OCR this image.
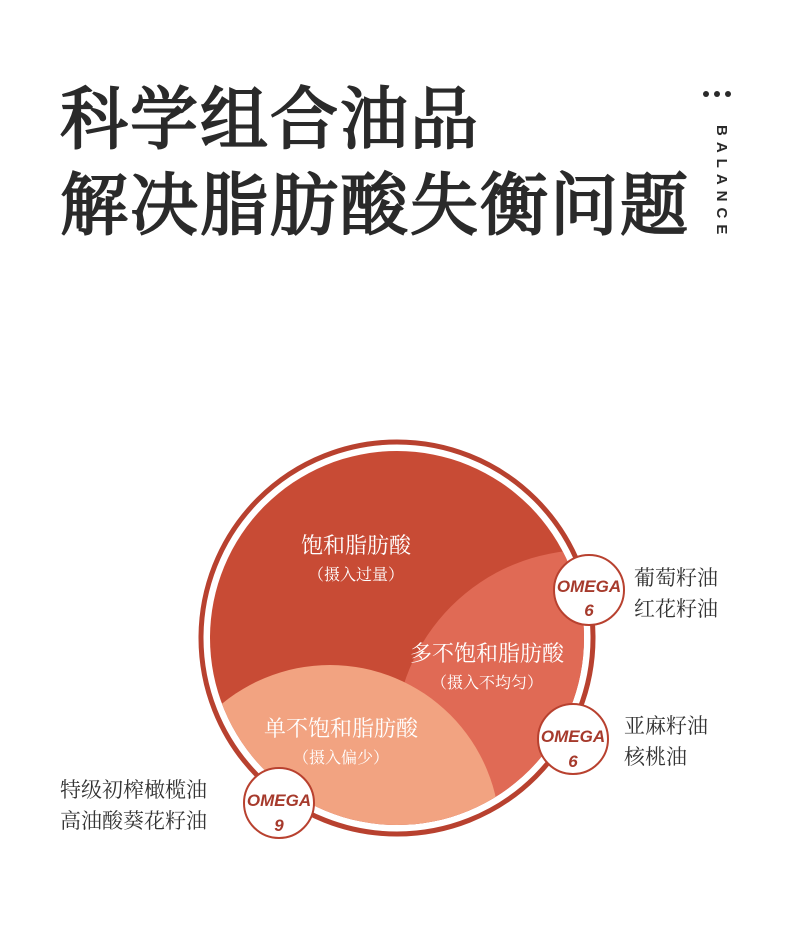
科学组合油品
解决脂肪酸失衡问题 BALANCE
饱和脂肪酸
（摄入过量）
多不饱和脂肪酸
（摄入不均匀）
单不饱和脂肪酸
（摄入偏少）
OMEGA
6
OMEGA
6
OMEGA
9
葡萄籽油
红花籽油
亚麻籽油
核桃油
特级初榨橄榄油
高油酸葵花籽油
